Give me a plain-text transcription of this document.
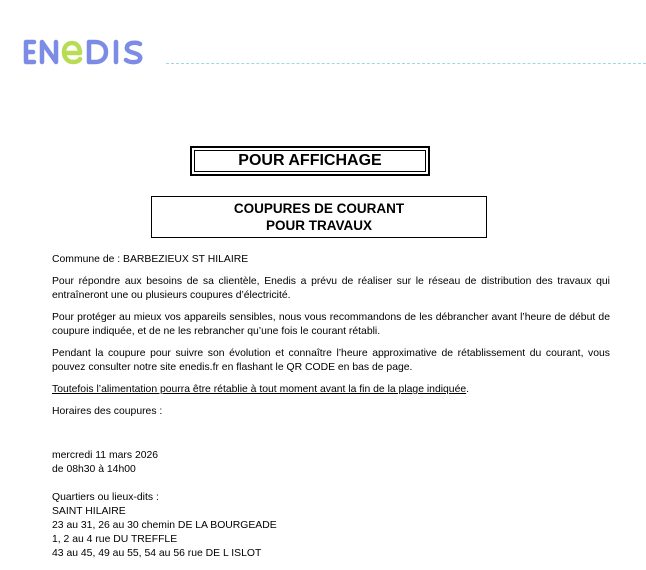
POUR AFFICHAGE
COUPURES DE COURANT
POUR TRAVAUX

Commune de : BARBEZIEUX ST HILAIRE

Pour répondre aux besoins de sa clientèle, Enedis a prévu de réaliser sur le réseau de distribution des travaux qui entraîneront une ou plusieurs coupures d’électricité.

Pour protéger au mieux vos appareils sensibles, nous vous recommandons de les débrancher avant l’heure de début de coupure indiquée, et de ne les rebrancher qu’une fois le courant rétabli.

Pendant la coupure pour suivre son évolution et connaître l’heure approximative de rétablissement du courant, vous pouvez consulter notre site enedis.fr en flashant le QR CODE en bas de page.

Toutefois l’alimentation pourra être rétablie à tout moment avant la fin de la plage indiquée.

Horaires des coupures :

mercredi 11 mars 2026
de 08h30 à 14h00
Quartiers ou lieux-dits :
SAINT HILAIRE
23 au 31, 26 au 30 chemin DE LA BOURGEADE
1, 2 au 4 rue DU TREFFLE
43 au 45, 49 au 55, 54 au 56 rue DE L ISLOT
